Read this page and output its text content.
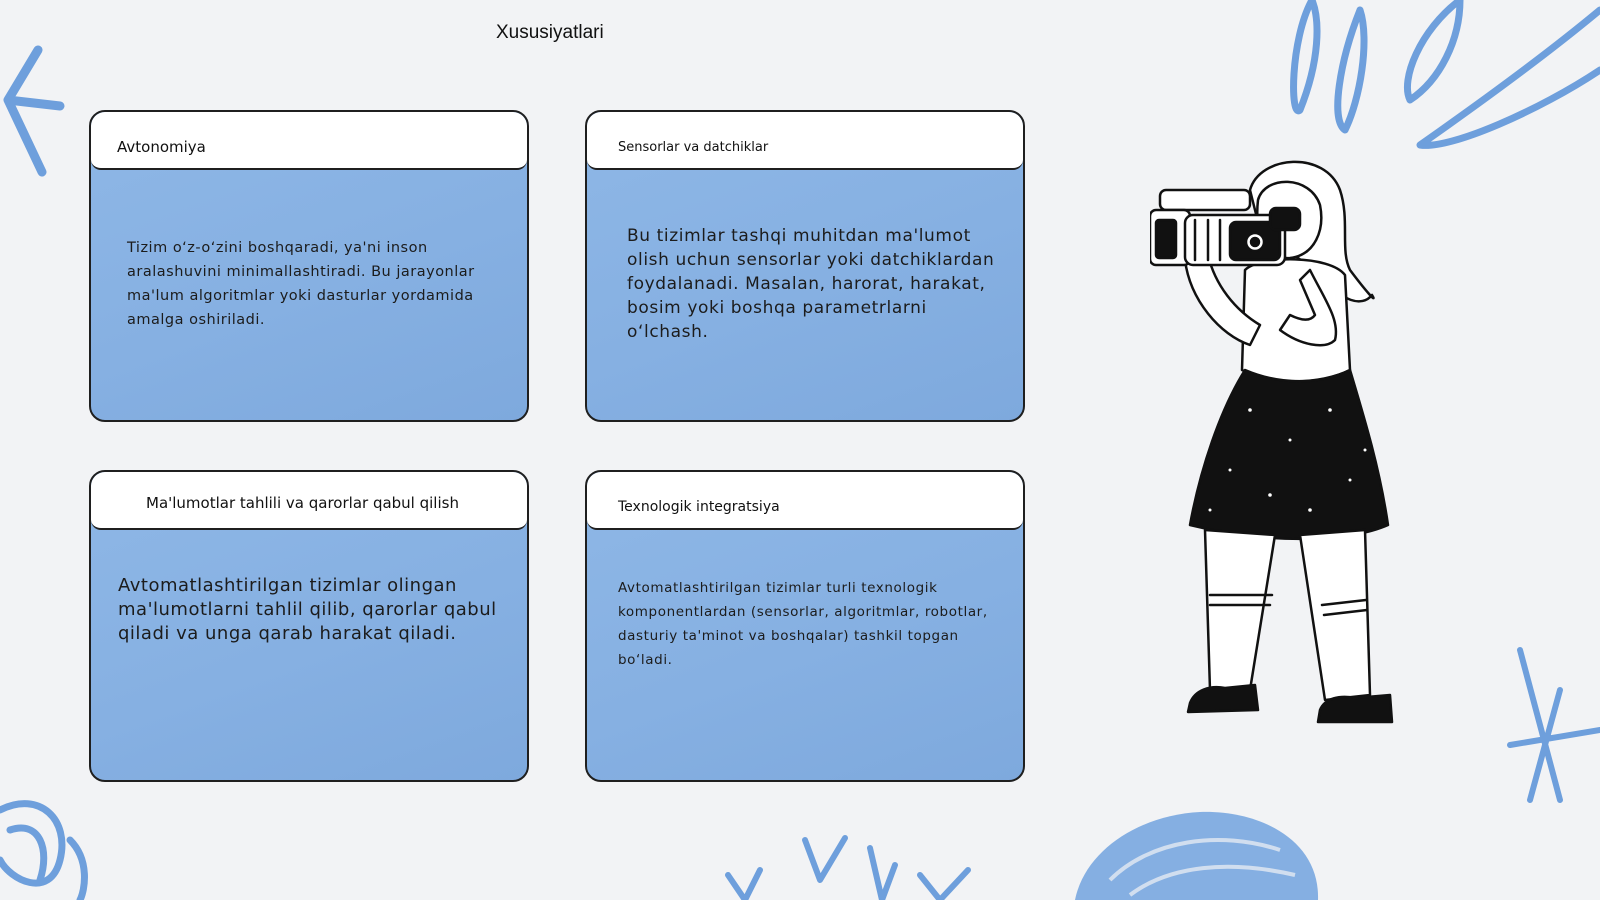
Xususiyatlari
Avtonomiya
Tizim o‘z-o‘zini boshqaradi, ya'ni inson aralashuvini minimallashtiradi. Bu jarayonlar ma'lum algoritmlar yoki dasturlar yordamida amalga oshiriladi.
Sensorlar va datchiklar
Bu tizimlar tashqi muhitdan ma'lumot olish uchun sensorlar yoki datchiklardan foydalanadi. Masalan, harorat, harakat, bosim yoki boshqa parametrlarni o‘lchash.
Ma'lumotlar tahlili va qarorlar qabul qilish
Avtomatlashtirilgan tizimlar olingan ma'lumotlarni tahlil qilib, qarorlar qabul qiladi va unga qarab harakat qiladi.
Texnologik integratsiya
Avtomatlashtirilgan tizimlar turli texnologik komponentlardan (sensorlar, algoritmlar, robotlar, dasturiy ta'minot va boshqalar) tashkil topgan bo‘ladi.
